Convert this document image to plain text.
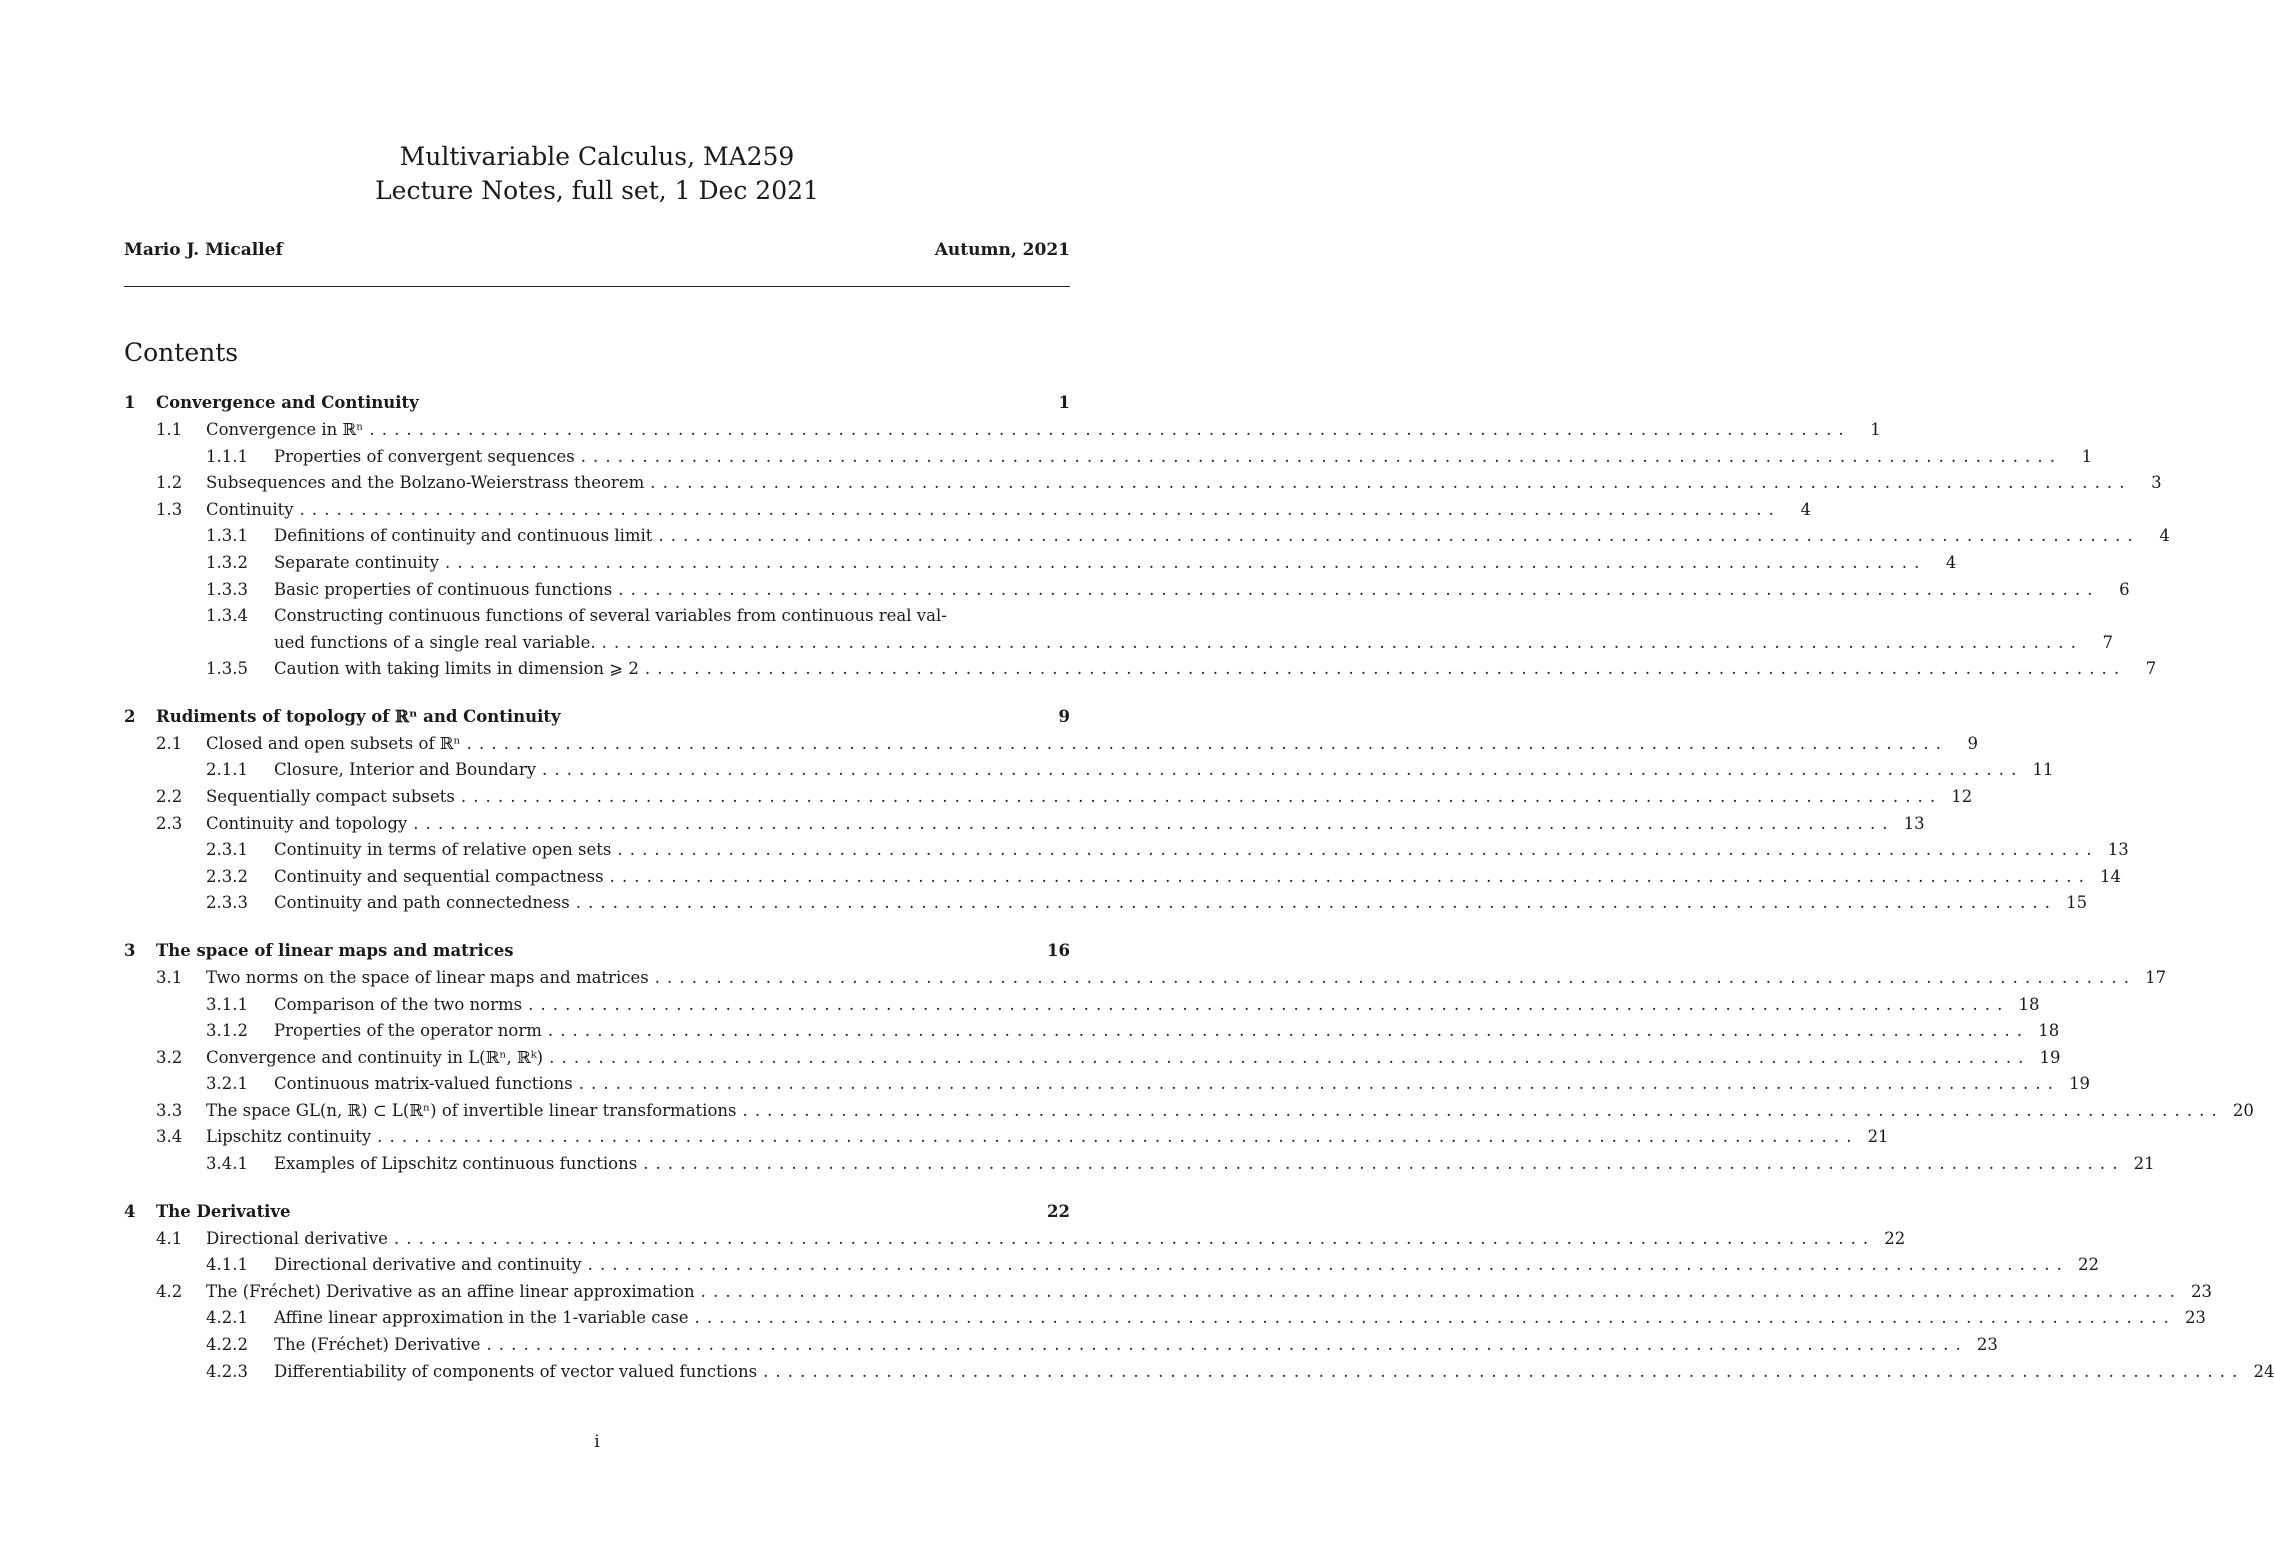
Multivariable Calculus, MA259
Lecture Notes, full set, 1 Dec 2021
Mario J. Micallef	Autumn, 2021
Contents
1 Convergence and Continuity	1
1.1 Convergence in ℝⁿ ........................................................................................................................	1
1.1.1 Properties of convergent sequences ........................................................................................................................	1
1.2 Subsequences and the Bolzano-Weierstrass theorem ........................................................................................................................	3
1.3 Continuity ........................................................................................................................	4
1.3.1 Definitions of continuity and continuous limit ........................................................................................................................	4
1.3.2 Separate continuity ........................................................................................................................	4
1.3.3 Basic properties of continuous functions ........................................................................................................................	6
1.3.4 Constructing continuous functions of several variables from continuous real val-
ued functions of a single real variable. ........................................................................................................................	7
1.3.5 Caution with taking limits in dimension ⩾ 2 ........................................................................................................................	7
2 Rudiments of topology of ℝⁿ and Continuity	9
2.1 Closed and open subsets of ℝⁿ ........................................................................................................................	9
2.1.1 Closure, Interior and Boundary ........................................................................................................................ 11
2.2 Sequentially compact subsets ........................................................................................................................ 12
2.3 Continuity and topology ........................................................................................................................ 13
2.3.1 Continuity in terms of relative open sets ........................................................................................................................ 13
2.3.2 Continuity and sequential compactness ........................................................................................................................ 14
2.3.3 Continuity and path connectedness ........................................................................................................................ 15
3 The space of linear maps and matrices	16
3.1 Two norms on the space of linear maps and matrices ........................................................................................................................ 17
3.1.1 Comparison of the two norms ........................................................................................................................ 18
3.1.2 Properties of the operator norm ........................................................................................................................ 18
3.2 Convergence and continuity in L(ℝⁿ, ℝᵏ) ........................................................................................................................ 19
3.2.1 Continuous matrix-valued functions ........................................................................................................................ 19
3.3 The space GL(n, ℝ) ⊂ L(ℝⁿ) of invertible linear transformations ........................................................................................................................ 20
3.4 Lipschitz continuity ........................................................................................................................ 21
3.4.1 Examples of Lipschitz continuous functions ........................................................................................................................ 21
4 The Derivative	22
4.1 Directional derivative ........................................................................................................................ 22
4.1.1 Directional derivative and continuity ........................................................................................................................ 22
4.2 The (Fréchet) Derivative as an affine linear approximation ........................................................................................................................ 23
4.2.1 Affine linear approximation in the 1-variable case ........................................................................................................................ 23
4.2.2 The (Fréchet) Derivative ........................................................................................................................ 23
4.2.3 Differentiability of components of vector valued functions ........................................................................................................................ 24
i
